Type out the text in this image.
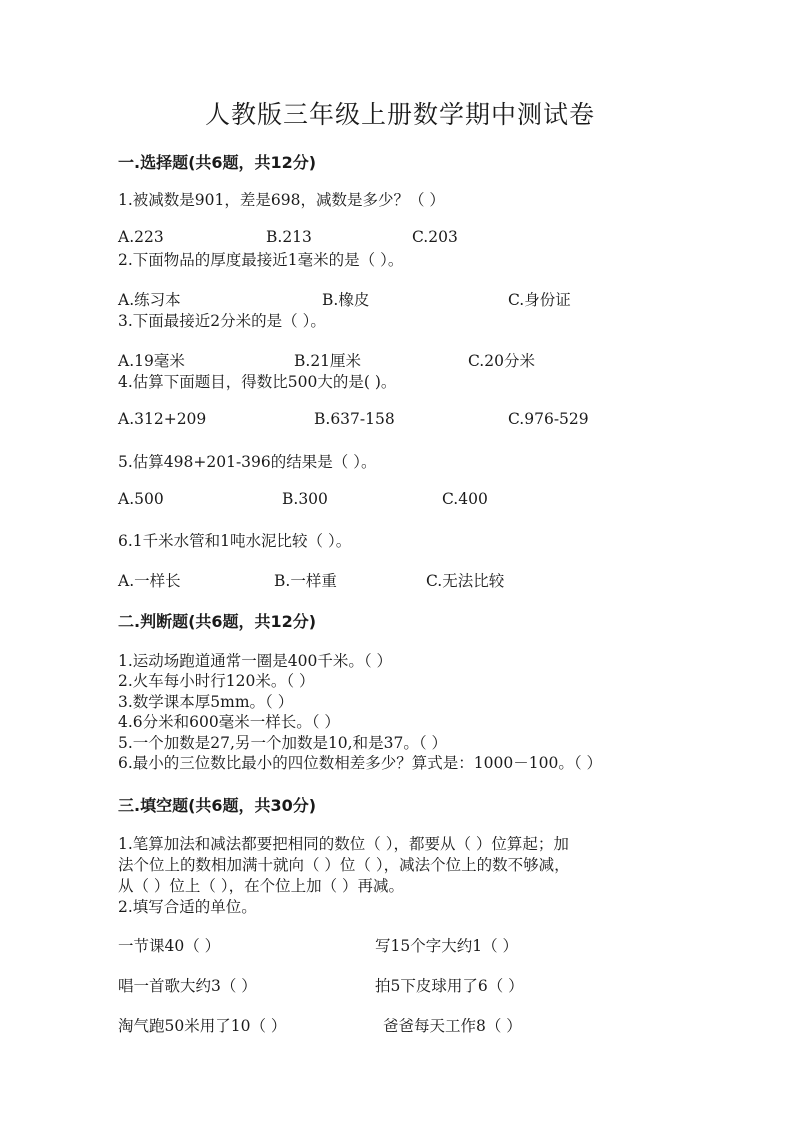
人教版三年级上册数学期中测试卷
一.选择题(共6题，共12分)
1.被减数是901，差是698，减数是多少？（ ）
A.223	B.213	C.203
2.下面物品的厚度最接近1毫米的是（ ）。
A.练习本	B.橡皮	C.身份证
3.下面最接近2分米的是（ ）。
A.19毫米	B.21厘米	C.20分米
4.估算下面题目，得数比500大的是( )。
A.312+209	B.637-158	C.976-529
5.估算498+201-396的结果是（ ）。
A.500	B.300	C.400
6.1千米水管和1吨水泥比较（ ）。
A.一样长	B.一样重	C.无法比较
二.判断题(共6题，共12分)
1.运动场跑道通常一圈是400千米。（ ）
2.火车每小时行120米。（ ）
3.数学课本厚5mm。（ ）
4.6分米和600毫米一样长。（ ）
5.一个加数是27,另一个加数是10,和是37。（ ）
6.最小的三位数比最小的四位数相差多少？算式是：1000－100。（ ）
三.填空题(共6题，共30分)
1.笔算加法和减法都要把相同的数位（ ），都要从（ ）位算起；加
法个位上的数相加满十就向（ ）位（ ），减法个位上的数不够减，
从（ ）位上（ ），在个位上加（ ）再减。
2.填写合适的单位。
一节课40（ ）	写15个字大约1（ ）
唱一首歌大约3（ ）	拍5下皮球用了6（ ）
淘气跑50米用了10（ ）	爸爸每天工作8（ ）
